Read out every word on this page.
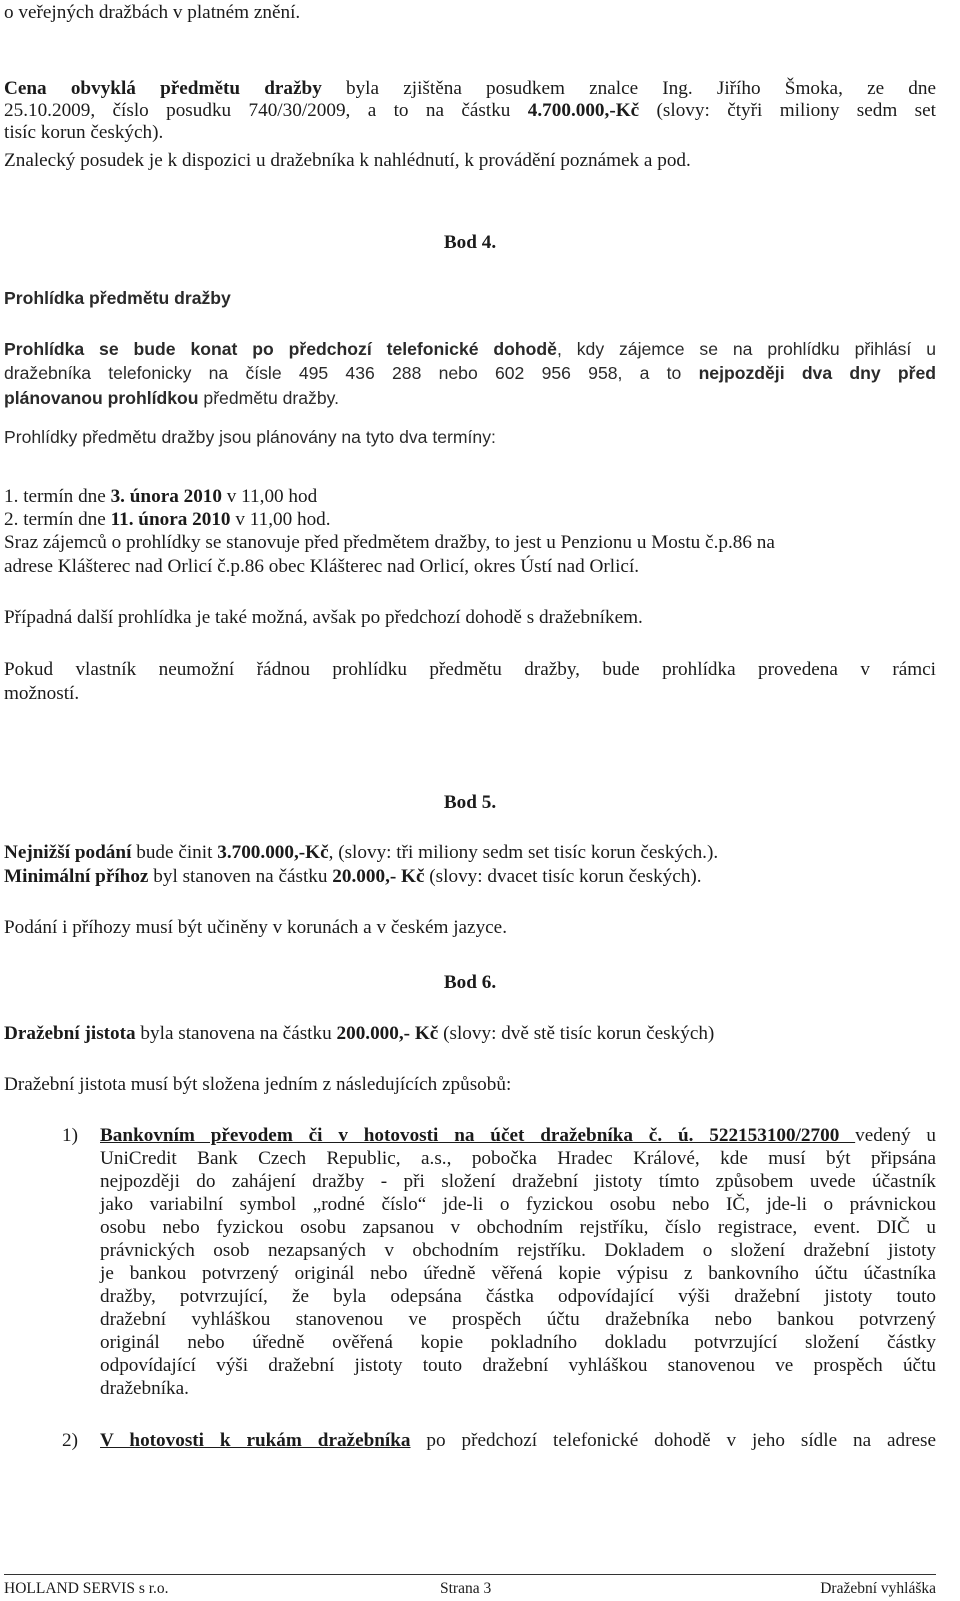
o veřejných dražbách v platném znění.
Cena obvyklá předmětu dražby byla zjištěna posudkem znalce Ing. Jiřího Šmoka, ze dne
25.10.2009, číslo posudku 740/30/2009, a to na částku 4.700.000,-Kč (slovy: čtyři miliony sedm set
tisíc korun českých).
Znalecký posudek je k dispozici u dražebníka k nahlédnutí, k provádění poznámek a pod.
Bod 4.
Prohlídka předmětu dražby
Prohlídka se bude konat po předchozí telefonické dohodě, kdy zájemce se na prohlídku přihlásí u
dražebníka telefonicky na čísle 495 436 288 nebo 602 956 958, a to nejpozději dva dny před
plánovanou prohlídkou předmětu dražby.
Prohlídky předmětu dražby jsou plánovány na tyto dva termíny:
1. termín dne 3. února 2010 v 11,00 hod
2. termín dne 11. února 2010 v 11,00 hod.
Sraz zájemců o prohlídky se stanovuje před předmětem dražby, to jest u Penzionu u Mostu č.p.86 na
adrese Klášterec nad Orlicí č.p.86 obec Klášterec nad Orlicí, okres Ústí nad Orlicí.
Případná další prohlídka je také možná, avšak po předchozí dohodě s dražebníkem.
Pokud vlastník neumožní řádnou prohlídku předmětu dražby, bude prohlídka provedena v rámci
možností.
Bod 5.
Nejnižší podání bude činit 3.700.000,-Kč, (slovy: tři miliony sedm set tisíc korun českých.).
Minimální příhoz byl stanoven na částku 20.000,- Kč (slovy: dvacet tisíc korun českých).
Podání i příhozy musí být učiněny v korunách a v českém jazyce.
Bod 6.
Dražební jistota byla stanovena na částku 200.000,- Kč (slovy: dvě stě tisíc korun českých)
Dražební jistota musí být složena jedním z následujících způsobů:
1) Bankovním převodem či v hotovosti na účet dražebníka č. ú. 522153100/2700 vedený u
UniCredit Bank Czech Republic, a.s., pobočka Hradec Králové, kde musí být připsána
nejpozději do zahájení dražby - při složení dražební jistoty tímto způsobem uvede účastník
jako variabilní symbol „rodné číslo“ jde-li o fyzickou osobu nebo IČ, jde-li o právnickou
osobu nebo fyzickou osobu zapsanou v obchodním rejstříku, číslo registrace, event. DIČ u
právnických osob nezapsaných v obchodním rejstříku. Dokladem o složení dražební jistoty
je bankou potvrzený originál nebo úředně věřená kopie výpisu z bankovního účtu účastníka
dražby, potvrzující, že byla odepsána částka odpovídající výši dražební jistoty touto
dražební vyhláškou stanovenou ve prospěch účtu dražebníka nebo bankou potvrzený
originál nebo úředně ověřená kopie pokladního dokladu potvrzující složení částky
odpovídající výši dražební jistoty touto dražební vyhláškou stanovenou ve prospěch účtu
dražebníka.
2) V hotovosti k rukám dražebníka po předchozí telefonické dohodě v jeho sídle na adrese
HOLLAND SERVIS s r.o.	Strana 3	Dražební vyhláška
